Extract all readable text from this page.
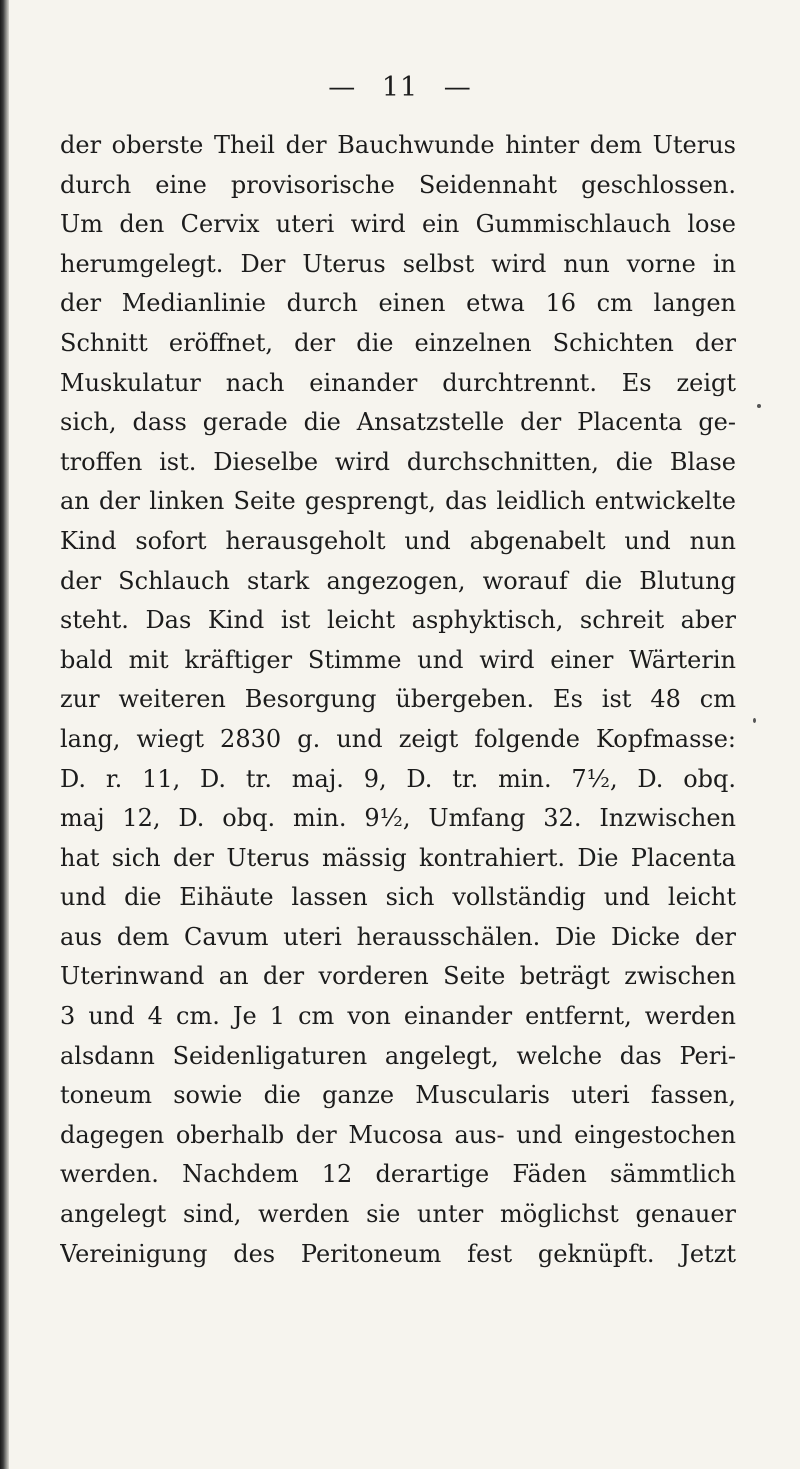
— 11 —
der oberste Theil der Bauchwunde hinter dem Uterus
durch eine provisorische Seidennaht geschlossen.
Um den Cervix uteri wird ein Gummischlauch lose
herumgelegt. Der Uterus selbst wird nun vorne in
der Medianlinie durch einen etwa 16 cm langen
Schnitt eröffnet, der die einzelnen Schichten der
Muskulatur nach einander durchtrennt. Es zeigt
sich, dass gerade die Ansatzstelle der Placenta ge-
troffen ist. Dieselbe wird durchschnitten, die Blase
an der linken Seite gesprengt, das leidlich entwickelte
Kind sofort herausgeholt und abgenabelt und nun
der Schlauch stark angezogen, worauf die Blutung
steht. Das Kind ist leicht asphyktisch, schreit aber
bald mit kräftiger Stimme und wird einer Wärterin
zur weiteren Besorgung übergeben. Es ist 48 cm
lang, wiegt 2830 g. und zeigt folgende Kopfmasse:
D. r. 11, D. tr. maj. 9, D. tr. min. 7½, D. obq.
maj 12, D. obq. min. 9½, Umfang 32. Inzwischen
hat sich der Uterus mässig kontrahiert. Die Placenta
und die Eihäute lassen sich vollständig und leicht
aus dem Cavum uteri herausschälen. Die Dicke der
Uterinwand an der vorderen Seite beträgt zwischen
3 und 4 cm. Je 1 cm von einander entfernt, werden
alsdann Seidenligaturen angelegt, welche das Peri-
toneum sowie die ganze Muscularis uteri fassen,
dagegen oberhalb der Mucosa aus- und eingestochen
werden. Nachdem 12 derartige Fäden sämmtlich
angelegt sind, werden sie unter möglichst genauer
Vereinigung des Peritoneum fest geknüpft. Jetzt
